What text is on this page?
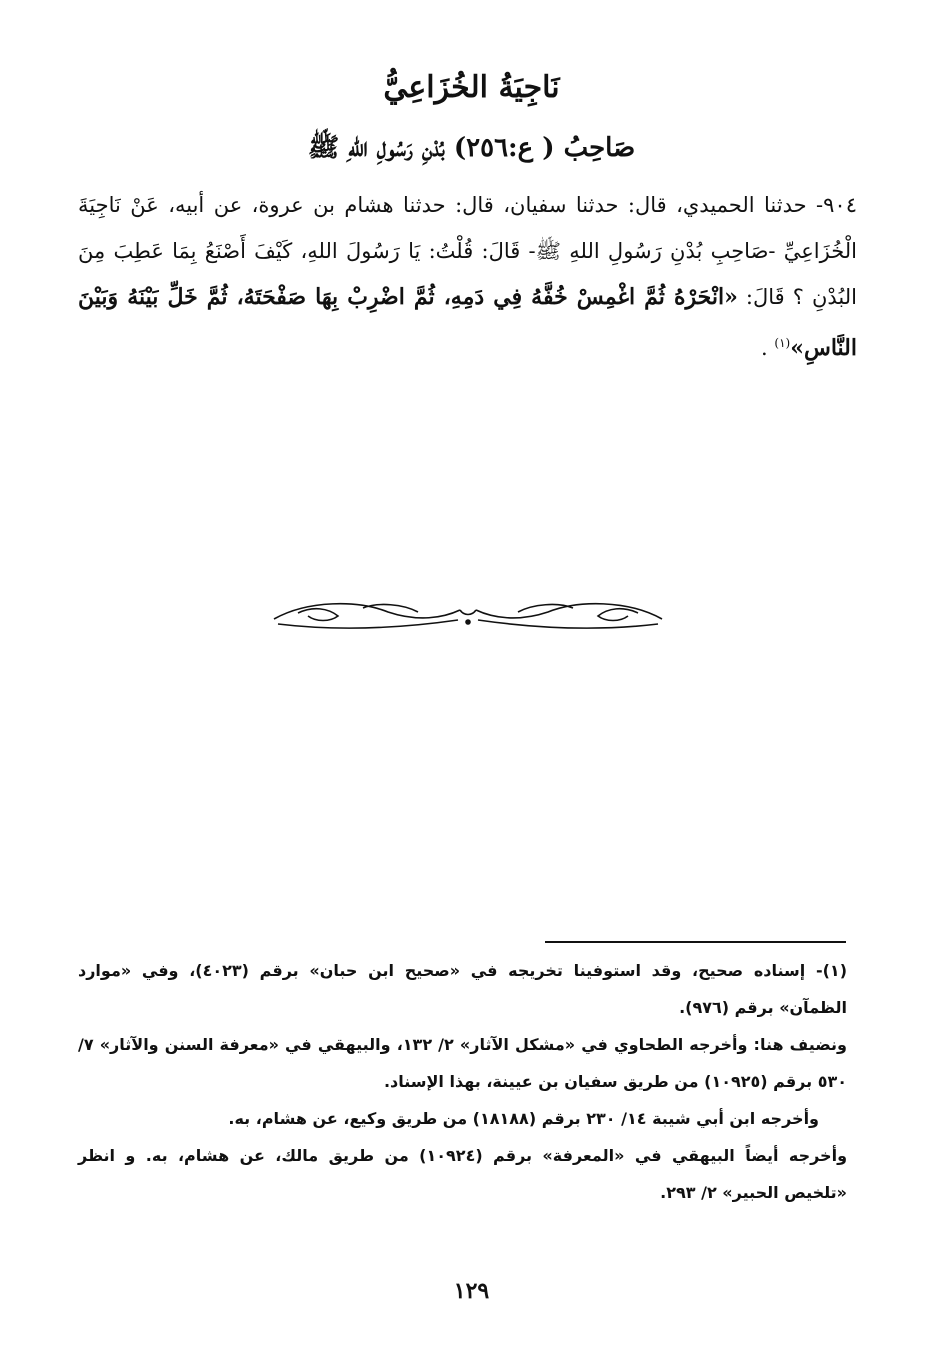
نَاجِيَةُ الخُزَاعِيُّ
صَاحِبُ ( ع:٢٥٦) بُدْنِ رَسُولِ اللهِ ﷺ
٩٠٤- حدثنا الحميدي، قال: حدثنا سفيان، قال: حدثنا هشام بن عروة، عن أبيه، عَنْ نَاجِيَةَ الْخُزَاعِيِّ -صَاحِبِ بُدْنِ رَسُولِ اللهِ ﷺ- قَالَ: قُلْتُ: يَا رَسُولَ اللهِ، كَيْفَ أَصْنَعُ بِمَا عَطِبَ مِنَ البُدْنِ ؟ قَالَ: «انْحَرْهُ ثُمَّ اغْمِسْ خُفَّهُ فِي دَمِهِ، ثُمَّ اضْرِبْ بِهَا صَفْحَتَهُ، ثُمَّ خَلِّ بَيْنَهُ وَبَيْنَ النَّاسِ»$^{(١)}$ .

(١)- إسناده صحيح، وقد استوفينا تخريجه في «صحيح ابن حبان» برقم (٤٠٢٣)، وفي «موارد الظمآن» برقم (٩٧٦).

ونضيف هنا: وأخرجه الطحاوي في «مشكل الآثار» ٢/ ١٣٢، والبيهقي في «معرفة السنن والآثار» ٧/ ٥٣٠ برقم (١٠٩٢٥) من طريق سفيان بن عيينة، بهذا الإسناد.

وأخرجه ابن أبي شيبة ١٤/ ٢٣٠ برقم (١٨١٨٨) من طريق وكيع، عن هشام، به.

وأخرجه أيضاً البيهقي في «المعرفة» برقم (١٠٩٢٤) من طريق مالك، عن هشام، به. و انظر «تلخيص الحبير» ٢/ ٢٩٣.

١٢٩
